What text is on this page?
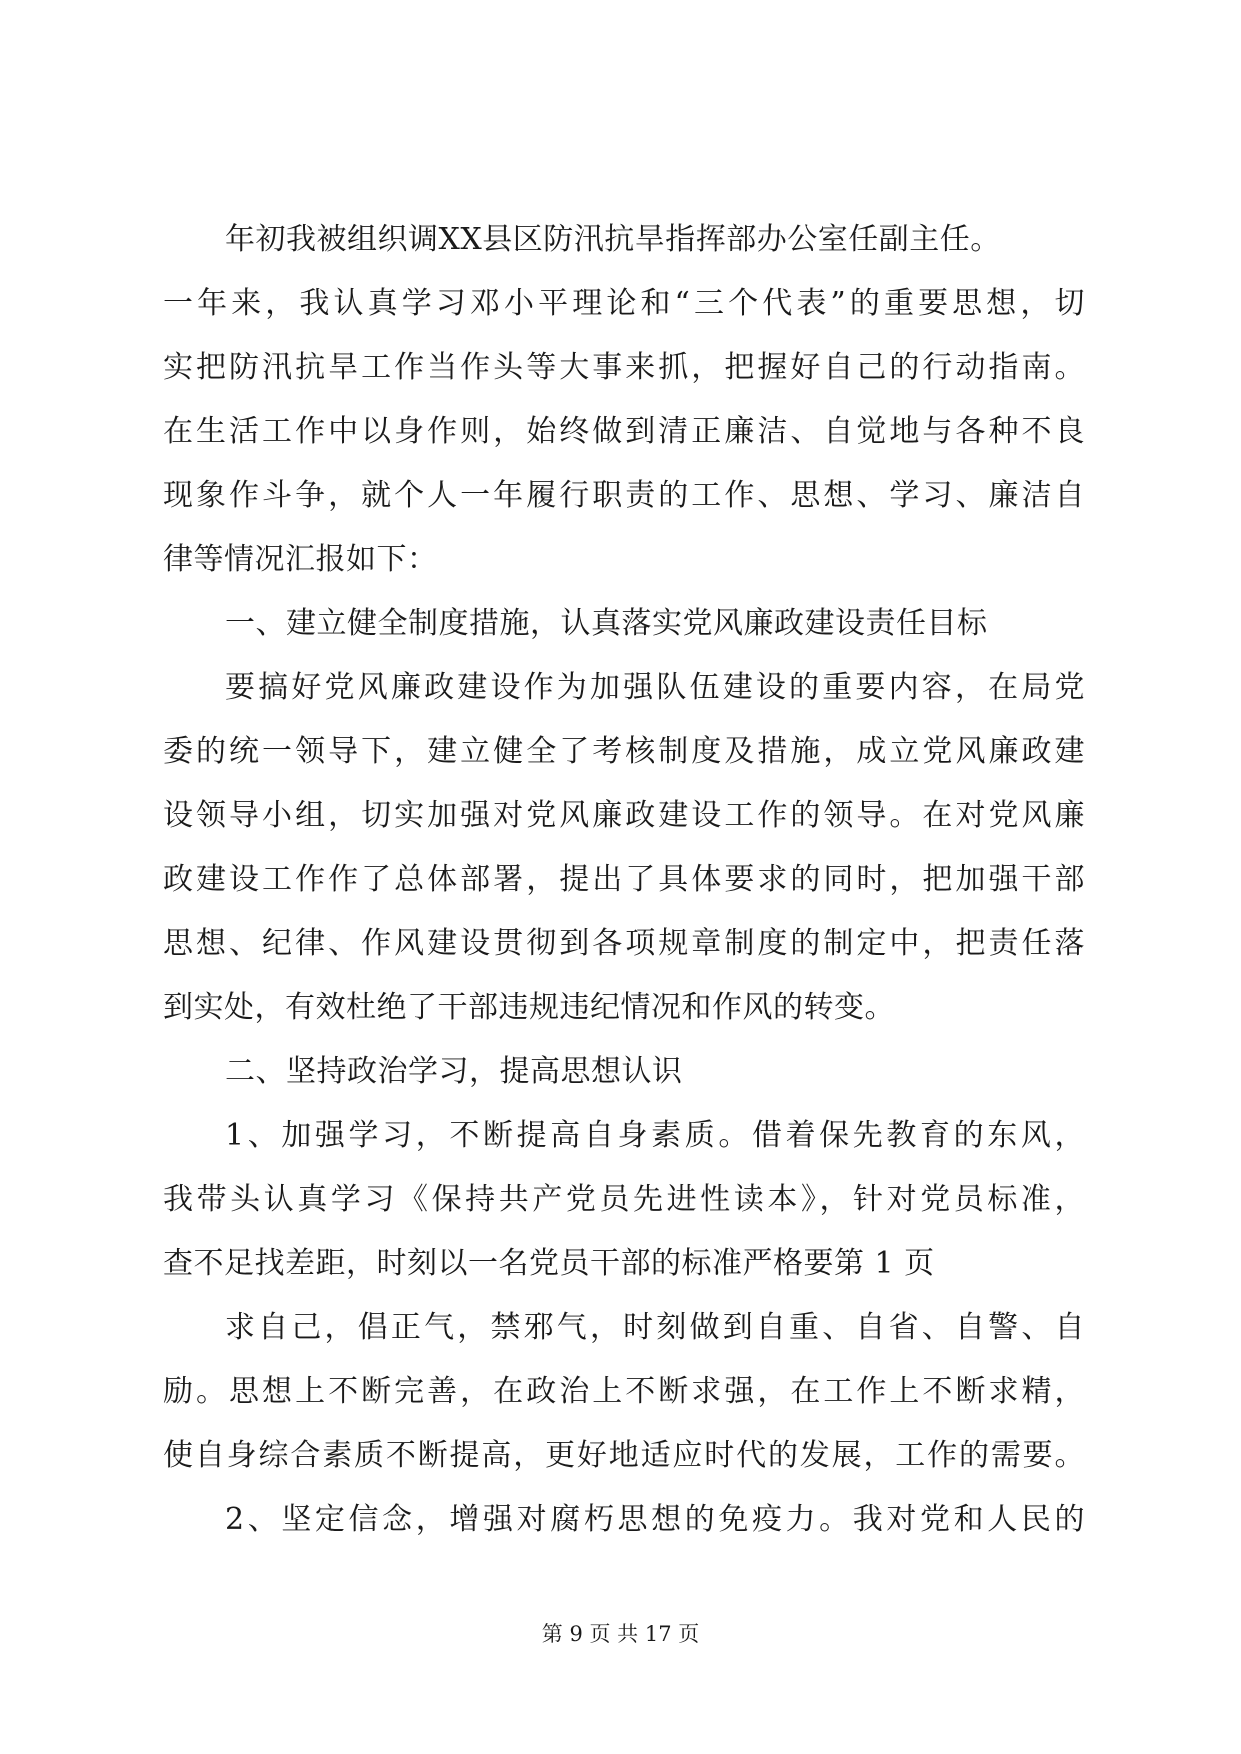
年初我被组织调XX县区防汛抗旱指挥部办公室任副主任。
一年来，我认真学习邓小平理论和“三个代表”的重要思想，切
实把防汛抗旱工作当作头等大事来抓，把握好自己的行动指南。
在生活工作中以身作则，始终做到清正廉洁、自觉地与各种不良
现象作斗争，就个人一年履行职责的工作、思想、学习、廉洁自
律等情况汇报如下：
一、建立健全制度措施，认真落实党风廉政建设责任目标
要搞好党风廉政建设作为加强队伍建设的重要内容，在局党
委的统一领导下，建立健全了考核制度及措施，成立党风廉政建
设领导小组，切实加强对党风廉政建设工作的领导。在对党风廉
政建设工作作了总体部署，提出了具体要求的同时，把加强干部
思想、纪律、作风建设贯彻到各项规章制度的制定中，把责任落
到实处，有效杜绝了干部违规违纪情况和作风的转变。
二、坚持政治学习，提高思想认识
1、加强学习，不断提高自身素质。借着保先教育的东风，
我带头认真学习《保持共产党员先进性读本》，针对党员标准，
查不足找差距，时刻以一名党员干部的标准严格要第 1 页
求自己，倡正气，禁邪气，时刻做到自重、自省、自警、自
励。思想上不断完善，在政治上不断求强，在工作上不断求精，
使自身综合素质不断提高，更好地适应时代的发展，工作的需要。
2、坚定信念，增强对腐朽思想的免疫力。我对党和人民的
第 9 页 共 17 页
